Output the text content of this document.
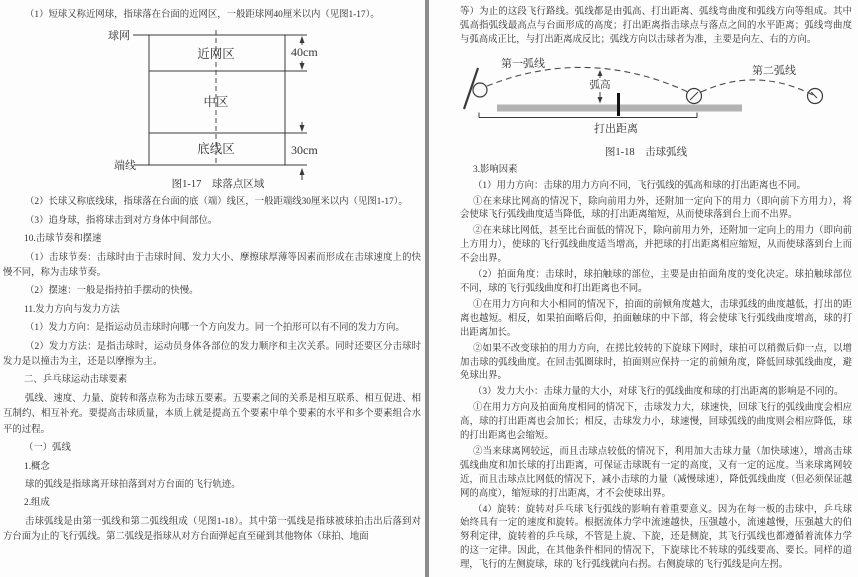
（1）短球又称近网球，指球落在台面的近网区，一般距球网40厘米以内（见图1-17）。

球网
端线
近网区
中区
底线区
40cm
30cm
图1-17　球落点区域

（2）长球又称底线球，指球落在台面的底（端）线区，一般距端线30厘米以内（见图1-17）。

（3）追身球，指将球击到对方身体中间部位。

10.击球节奏和摆速

（1）击球节奏：击球时由于击球时间、发力大小、摩擦球厚薄等因素而形成在击球速度上的快慢不同，称为击球节奏。

（2）摆速：一般是指持拍手摆动的快慢。

11.发力方向与发力方法

（1）发力方向：是指运动员击球时向哪一个方向发力。同一个拍形可以有不同的发力方向。

（2）发力方法：是指击球时，运动员身体各部位的发力顺序和主次关系。同时还要区分击球时发力是以撞击为主，还是以摩擦为主。

二、乒乓球运动击球要素

弧线、速度、力量、旋转和落点称为击球五要素。五要素之间的关系是相互联系、相互促进、相互制约、相互补充。要提高击球质量，本质上就是提高五个要素中单个要素的水平和多个要素组合水平的过程。

（一）弧线

1.概念

球的弧线是指球离开球拍落到对方台面的飞行轨迹。

2.组成

击球弧线是由第一弧线和第二弧线组成（见图1-18）。其中第一弧线是指球被球拍击出后落到对方台面为止的飞行弧线。第二弧线是指球从对方台面弹起直至碰到其他物体（球拍、地面

等）为止的这段飞行路线。弧线都是由弧高、打出距离、弧线弯曲度和弧线方向等组成。其中弧高指弧线最高点与台面形成的高度；打出距离指击球点与落点之间的水平距离；弧线弯曲度与弧高成正比，与打出距离成反比；弧线方向以击球者为准，主要是向左、右的方向。

第一弧线
第二弧线
弧高
打出距离
图1-18　击球弧线

3.影响因素

（1）用力方向：击球的用力方向不同，飞行弧线的弧高和球的打出距离也不同。

①在来球比网高的情况下，除向前用力外，还附加一定向下的用力（即向前下方用力），将会使球飞行弧线曲度适当降低，球的打出距离缩短，从而使球落到台上而不出界。

②在来球比网低，甚至比台面低的情况下，除向前用力外，还附加一定向上的用力（即向前上方用力），使球的飞行弧线曲度适当增高，并把球的打出距离相应缩短，从而使球落到台上而不会出界。

（2）拍面角度：击球时，球拍触球的部位，主要是由拍面角度的变化决定。球拍触球部位不同，球的飞行弧线曲度和打出距离也不同。

①在用力方向和大小相同的情况下，拍面的前倾角度越大，击球弧线的曲度越低，打出的距离也越短。相反，如果拍面略后仰，拍面触球的中下部，将会使球飞行弧线曲度增高，球的打出距离加长。

②如果不改变球拍的用力方向，在搓比较转的下旋球下网时，球拍可以稍微后仰一点，以增加击球的弧线曲度。在回击弧圈球时，拍面则应保持一定的前倾角度，降低回球弧线曲度，避免球出界。

（3）发力大小：击球力量的大小，对球飞行的弧线曲度和球的打出距离的影响是不同的。

①在用力方向及拍面角度相同的情况下，击球发力大，球速快，回球飞行的弧线曲度会相应高，球的打出距离也会加长；相反，击球发力小，球速慢，回球弧线的曲度则会相应降低，球的打出距离也会缩短。

②当来球离网较远，而且击球点较低的情况下，利用加大击球力量（加快球速），增高击球弧线曲度和加长球的打出距离，可保证击球既有一定的高度，又有一定的远度。当来球离网较近，而且击球点比网低的情况下，减小击球的力量（减慢球速），降低弧线曲度（但必须保证越网的高度），缩短球的打出距离，才不会使球出界。

（4）旋转：旋转对乒乓球飞行弧线的影响有着重要意义。因为在每一板的击球中，乒乓球始终具有一定的速度和旋转。根据流体力学中流速越快，压强越小，流速越慢，压强越大的伯努利定律，旋转着的乒乓球，不管是上旋、下旋，还是侧旋，其飞行弧线也都遵循着流体力学的这一定律。因此，在其他条件相同的情况下，下旋球比不转球的弧线要高、要长。同样的道理，飞行的左侧旋球，球的飞行弧线就向右拐。右侧旋球的飞行弧线是向左拐。
